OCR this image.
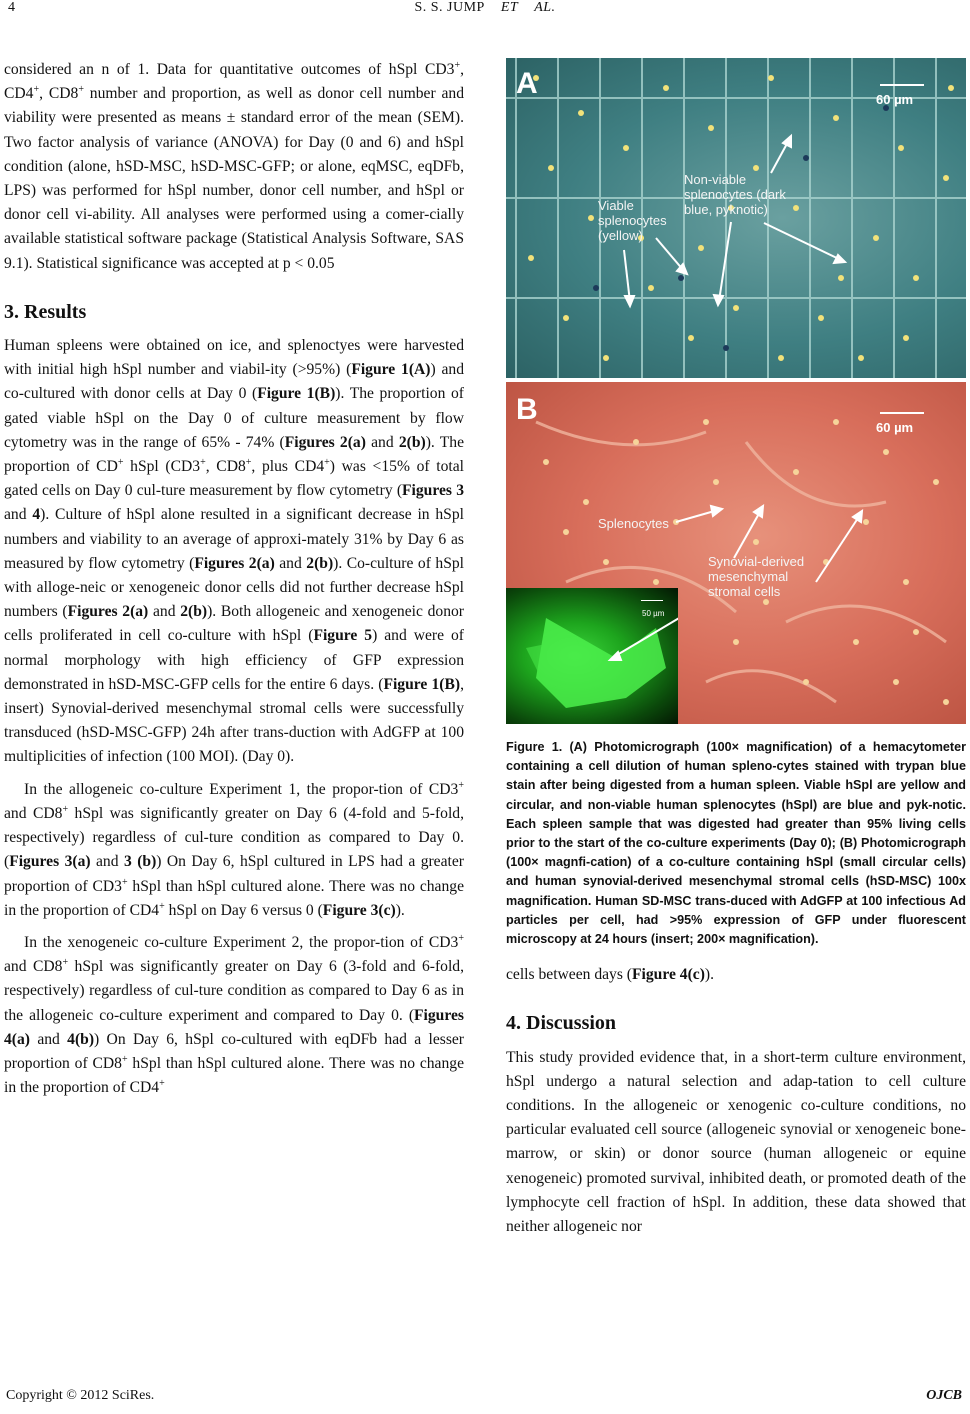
4	S. S. JUMP ET AL.

considered an n of 1. Data for quantitative outcomes of hSpl CD3+, CD4+, CD8+ number and proportion, as well as donor cell number and viability were presented as means ± standard error of the mean (SEM). Two factor analysis of variance (ANOVA) for Day (0 and 6) and hSpl condition (alone, hSD-MSC, hSD-MSC-GFP; or alone, eqMSC, eqDFb, LPS) was performed for hSpl number, donor cell number, and hSpl or donor cell vi-ability. All analyses were performed using a comer-cially available statistical software package (Statistical Analysis Software, SAS 9.1). Statistical significance was accepted at p < 0.05

3. Results

Human spleens were obtained on ice, and splenoctyes were harvested with initial high hSpl number and viabil-ity (>95%) (Figure 1(A)) and co-cultured with donor cells at Day 0 (Figure 1(B)). The proportion of gated viable hSpl on the Day 0 of culture measurement by flow cytometry was in the range of 65% - 74% (Figures 2(a) and 2(b)). The proportion of CD+ hSpl (CD3+, CD8+, plus CD4+) was <15% of total gated cells on Day 0 cul-ture measurement by flow cytometry (Figures 3 and 4). Culture of hSpl alone resulted in a significant decrease in hSpl numbers and viability to an average of approxi-mately 31% by Day 6 as measured by flow cytometry (Figures 2(a) and 2(b)). Co-culture of hSpl with alloge-neic or xenogeneic donor cells did not further decrease hSpl numbers (Figures 2(a) and 2(b)). Both allogeneic and xenogeneic donor cells proliferated in cell co-culture with hSpl (Figure 5) and were of normal morphology with high efficiency of GFP expression demonstrated in hSD-MSC-GFP cells for the entire 6 days. (Figure 1(B), insert) Synovial-derived mesenchymal stromal cells were successfully transduced (hSD-MSC-GFP) 24h after trans-duction with AdGFP at 100 multiplicities of infection (100 MOI). (Day 0).

In the allogeneic co-culture Experiment 1, the propor-tion of CD3+ and CD8+ hSpl was significantly greater on Day 6 (4-fold and 5-fold, respectively) regardless of cul-ture condition as compared to Day 0. (Figures 3(a) and 3 (b)) On Day 6, hSpl cultured in LPS had a greater proportion of CD3+ hSpl than hSpl cultured alone. There was no change in the proportion of CD4+ hSpl on Day 6 versus 0 (Figure 3(c)).

In the xenogeneic co-culture Experiment 2, the propor-tion of CD3+ and CD8+ hSpl was significantly greater on Day 6 (3-fold and 6-fold, respectively) regardless of cul-ture condition as compared to Day 6 as in the allogeneic co-culture experiment and compared to Day 0. (Figures 4(a) and 4(b)) On Day 6, hSpl co-cultured with eqDFb had a lesser proportion of CD8+ hSpl than hSpl cultured alone. There was no change in the proportion of CD4+

A	60 µm
Viable splenocytes (yellow)
Non-viable splenocytes (dark blue, pyknotic)
B
60 µm
Splenocytes
Synovial-derived mesenchymal stromal cells
50 µm

Figure 1. (A) Photomicrograph (100× magnification) of a hemacytometer containing a cell dilution of human spleno-cytes stained with trypan blue stain after being digested from a human spleen. Viable hSpl are yellow and circular, and non-viable human splenocytes (hSpl) are blue and pyk-notic. Each spleen sample that was digested had greater than 95% living cells prior to the start of the co-culture experiments (Day 0); (B) Photomicrograph (100× magnfi-cation) of a co-culture containing hSpl (small circular cells) and human synovial-derived mesenchymal stromal cells (hSD-MSC) 100x magnification. Human SD-MSC trans-duced with AdGFP at 100 infectious Ad particles per cell, had >95% expression of GFP under fluorescent microscopy at 24 hours (insert; 200× magnification).

cells between days (Figure 4(c)).

4. Discussion

This study provided evidence that, in a short-term culture environment, hSpl undergo a natural selection and adap-tation to cell culture conditions. In the allogeneic or xenogenic co-culture conditions, no particular evaluated cell source (allogeneic synovial or xenogeneic bone-marrow, or skin) or donor source (human allogeneic or equine xenogeneic) promoted survival, inhibited death, or promoted death of the lymphocyte cell fraction of hSpl. In addition, these data showed that neither allogeneic nor

Copyright © 2012 SciRes.	OJCB
